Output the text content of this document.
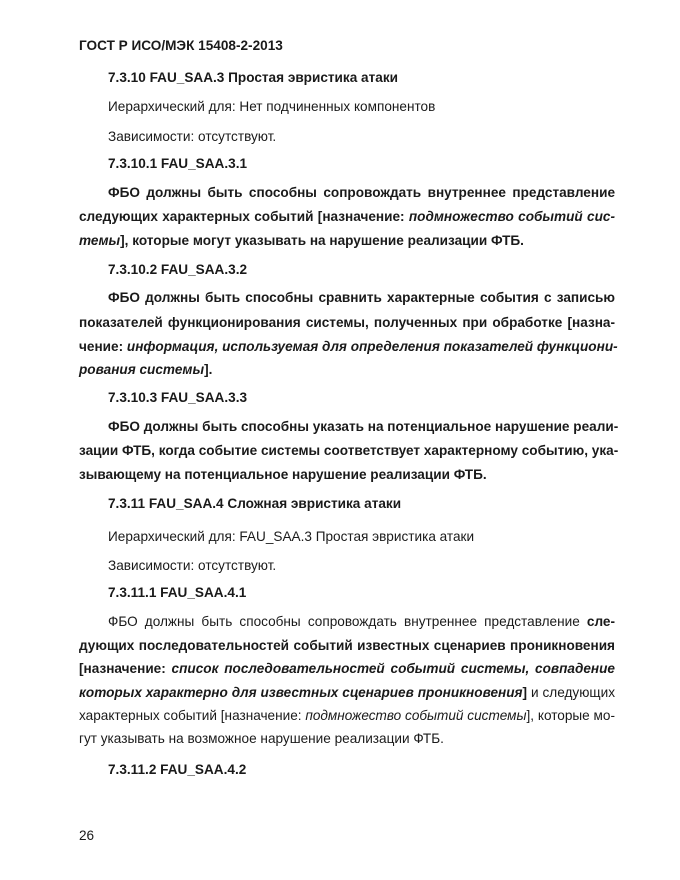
ГОСТ Р ИСО/МЭК 15408-2-2013
7.3.10 FAU_SAA.3 Простая эвристика атаки
Иерархический для: Нет подчиненных компонентов
Зависимости: отсутствуют.
7.3.10.1 FAU_SAA.3.1
ФБО должны быть способны сопровождать внутреннее представление
следующих характерных событий [назначение: подмножество событий сис-
темы], которые могут указывать на нарушение реализации ФТБ.
7.3.10.2 FAU_SAA.3.2
ФБО должны быть способны сравнить характерные события с записью
показателей функционирования системы, полученных при обработке [назна-
чение: информация, используемая для определения показателей функциони-
рования системы].
7.3.10.3 FAU_SAA.3.3
ФБО должны быть способны указать на потенциальное нарушение реали-
зации ФТБ, когда событие системы соответствует характерному событию, ука-
зывающему на потенциальное нарушение реализации ФТБ.
7.3.11 FAU_SAA.4 Сложная эвристика атаки
Иерархический для: FAU_SAA.3 Простая эвристика атаки
Зависимости: отсутствуют.
7.3.11.1 FAU_SAA.4.1
ФБО должны быть способны сопровождать внутреннее представление сле-
дующих последовательностей событий известных сценариев проникновения
[назначение: список последовательностей событий системы, совпадение
которых характерно для известных сценариев проникновения] и следующих
характерных событий [назначение: подмножество событий системы], которые мо-
гут указывать на возможное нарушение реализации ФТБ.
7.3.11.2 FAU_SAA.4.2
26
